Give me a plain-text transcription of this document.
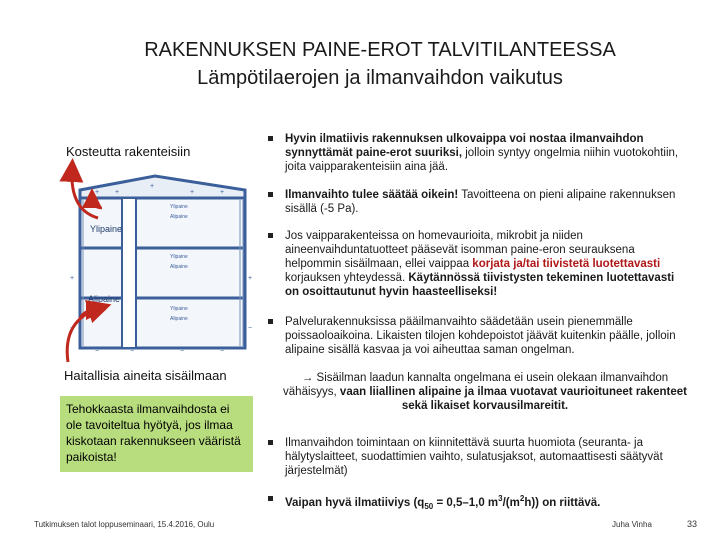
RAKENNUKSEN PAINE-EROT TALVITILANTEESSA
Lämpötilaerojen ja ilmanvaihdon vaikutus
Kosteutta rakenteisiin
+ +
+
+	+
+	+
−	−
−	−	−	−
Ylipaine
Alipaine
Ylipaine
Alipaine
Ylipaine
Alipaine
Ylipaine
Alipaine
Haitallisia aineita sisäilmaan
Tehokkaasta ilmanvaihdosta ei ole tavoiteltua hyötyä, jos ilmaa kiskotaan rakennukseen vääristä paikoista!
Hyvin ilmatiivis rakennuksen ulkovaippa voi nostaa ilmanvaihdon synnyttämät paine-erot suuriksi, jolloin syntyy ongelmia niihin vuotokohtiin, joita vaipparakenteisiin aina jää.
Ilmanvaihto tulee säätää oikein! Tavoitteena on pieni alipaine rakennuksen sisällä (-5 Pa).
Jos vaipparakenteissa on homevaurioita, mikrobit ja niiden aineenvaihduntatuotteet pääsevät isomman paine-eron seurauksena helpommin sisäilmaan, ellei vaippaa korjata ja/tai tiivistetä luotettavasti korjauksen yhteydessä. Käytännössä tiivistysten tekeminen luotettavasti on osoittautunut hyvin haasteelliseksi!
Palvelurakennuksissa pääilmanvaihto säädetään usein pienemmälle poissaoloaikoina. Likaisten tilojen kohdepoistot jäävät kuitenkin päälle, jolloin alipaine sisällä kasvaa ja voi aiheuttaa saman ongelman.
→ Sisäilman laadun kannalta ongelmana ei usein olekaan ilmanvaihdon vähäisyys, vaan liiallinen alipaine ja ilmaa vuotavat vaurioituneet rakenteet sekä likaiset korvausilmareitit.
Ilmanvaihdon toimintaan on kiinnitettävä suurta huomiota (seuranta- ja hälytyslaitteet, suodattimien vaihto, sulatusjaksot, automaattisesti säätyvät järjestelmät)
Vaipan hyvä ilmatiiviys ($q_{50} = 0,5-1,0$ $m^3/(m^2h)$) on riittävä.
Tutkimuksen talot loppuseminaari, 15.4.2016, Oulu	Juha Vinha	33
